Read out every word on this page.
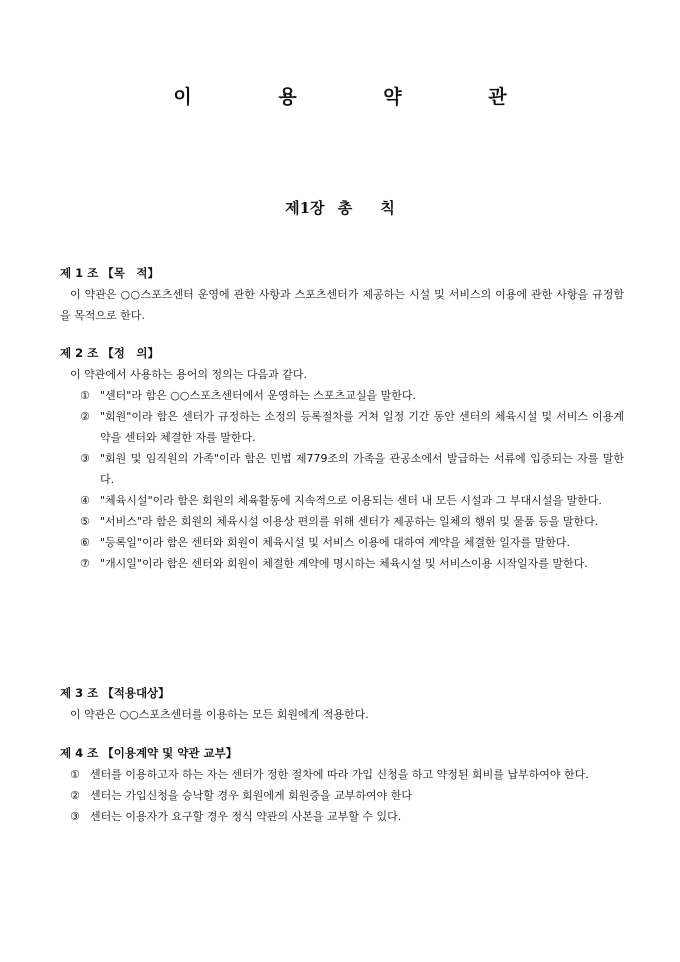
이 용 약 관
제1장 총　 칙
제 1 조 【목　적】

이 약관은 ○○스포츠센터 운영에 관한 사항과 스포츠센터가 제공하는 시설 및 서비스의 이용에 관한 사항을 규정함을 목적으로 한다.

제 2 조 【정　의】

이 약관에서 사용하는 용어의 정의는 다음과 같다.

① "센터"라 함은 ○○스포츠센터에서 운영하는 스포츠교실을 말한다.
② "회원"이라 함은 센터가 규정하는 소정의 등록절차를 거쳐 일정 기간 동안 센터의 체육시설 및 서비스 이용계약을 센터와 체결한 자를 말한다.
③ "회원 및 임직원의 가족"이라 함은 민법 제779조의 가족을 관공소에서 발급하는 서류에 입증되는 자를 말한다.
④ "체육시설"이라 함은 회원의 체육활동에 지속적으로 이용되는 센터 내 모든 시설과 그 부대시설을 말한다.
⑤ "서비스"라 함은 회원의 체육시설 이용상 편의를 위해 센터가 제공하는 일체의 행위 및 물품 등을 말한다.
⑥ "등록일"이라 함은 센터와 회원이 체육시설 및 서비스 이용에 대하여 계약을 체결한 일자를 말한다.
⑦ "개시일"이라 함은 센터와 회원이 체결한 계약에 명시하는 체육시설 및 서비스이용 시작일자를 말한다.
제 3 조 【적용대상】

이 약관은 ○○스포츠센터를 이용하는 모든 회원에게 적용한다.

제 4 조 【이용계약 및 약관 교부】
① 센터를 이용하고자 하는 자는 센터가 정한 절차에 따라 가입 신청을 하고 약정된 회비를 납부하여야 한다.
② 센터는 가입신청을 승낙할 경우 회원에게 회원증을 교부하여야 한다
③ 센터는 이용자가 요구할 경우 정식 약관의 사본을 교부할 수 있다.
